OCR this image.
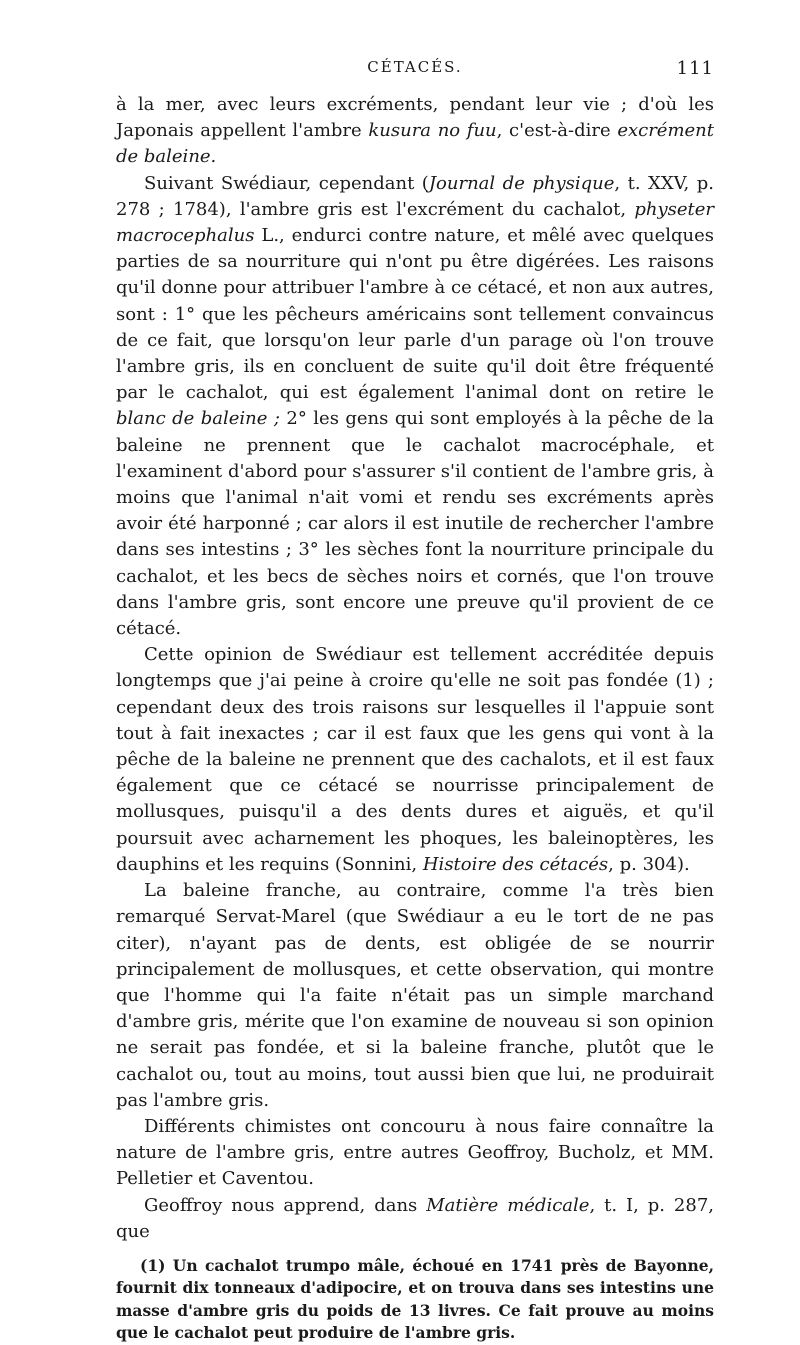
CÉTACÉS.	111

à la mer, avec leurs excréments, pendant leur vie ; d'où les Japonais appellent l'ambre kusura no fuu, c'est-à-dire excrément de baleine.

Suivant Swédiaur, cependant (Journal de physique, t. XXV, p. 278 ; 1784), l'ambre gris est l'excrément du cachalot, physeter macrocephalus L., endurci contre nature, et mêlé avec quelques parties de sa nourriture qui n'ont pu être digérées. Les raisons qu'il donne pour attribuer l'ambre à ce cétacé, et non aux autres, sont : 1° que les pêcheurs américains sont tellement convaincus de ce fait, que lorsqu'on leur parle d'un parage où l'on trouve l'ambre gris, ils en concluent de suite qu'il doit être fréquenté par le cachalot, qui est également l'animal dont on retire le blanc de baleine ; 2° les gens qui sont employés à la pêche de la baleine ne prennent que le cachalot macrocéphale, et l'examinent d'abord pour s'assurer s'il contient de l'ambre gris, à moins que l'animal n'ait vomi et rendu ses excréments après avoir été harponné ; car alors il est inutile de rechercher l'ambre dans ses intestins ; 3° les sèches font la nourriture principale du cachalot, et les becs de sèches noirs et cornés, que l'on trouve dans l'ambre gris, sont encore une preuve qu'il provient de ce cétacé.

Cette opinion de Swédiaur est tellement accréditée depuis longtemps que j'ai peine à croire qu'elle ne soit pas fondée (1) ; cependant deux des trois raisons sur lesquelles il l'appuie sont tout à fait inexactes ; car il est faux que les gens qui vont à la pêche de la baleine ne prennent que des cachalots, et il est faux également que ce cétacé se nourrisse principalement de mollusques, puisqu'il a des dents dures et aiguës, et qu'il poursuit avec acharnement les phoques, les baleinoptères, les dauphins et les requins (Sonnini, Histoire des cétacés, p. 304).

La baleine franche, au contraire, comme l'a très bien remarqué Servat-Marel (que Swédiaur a eu le tort de ne pas citer), n'ayant pas de dents, est obligée de se nourrir principalement de mollusques, et cette observation, qui montre que l'homme qui l'a faite n'était pas un simple marchand d'ambre gris, mérite que l'on examine de nouveau si son opinion ne serait pas fondée, et si la baleine franche, plutôt que le cachalot ou, tout au moins, tout aussi bien que lui, ne produirait pas l'ambre gris.

Différents chimistes ont concouru à nous faire connaître la nature de l'ambre gris, entre autres Geoffroy, Bucholz, et MM. Pelletier et Caventou.

Geoffroy nous apprend, dans Matière médicale, t. I, p. 287, que

(1) Un cachalot trumpo mâle, échoué en 1741 près de Bayonne, fournit dix tonneaux d'adipocire, et on trouva dans ses intestins une masse d'ambre gris du poids de 13 livres. Ce fait prouve au moins que le cachalot peut produire de l'ambre gris.
